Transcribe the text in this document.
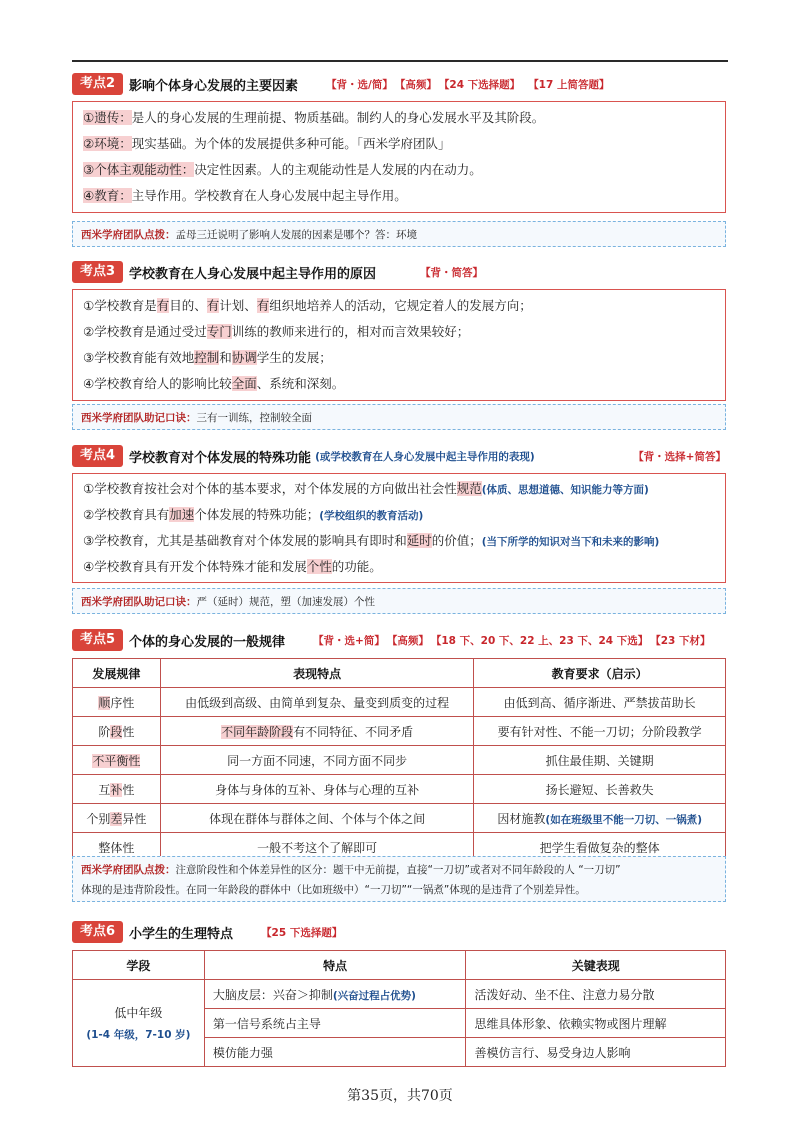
考点2	影响个体身心发展的主要因素	【背・选/简】 【高频】 【24 下选择题】 【17 上简答题】
①遗传：是人的身心发展的生理前提、物质基础。制约人的身心发展水平及其阶段。
②环境：现实基础。为个体的发展提供多种可能。「西米学府团队」
③个体主观能动性：决定性因素。人的主观能动性是人发展的内在动力。
④教育：主导作用。学校教育在人身心发展中起主导作用。
西米学府团队点拨：孟母三迁说明了影响人发展的因素是哪个？答：环境
考点3	学校教育在人身心发展中起主导作用的原因	【背・简答】
①学校教育是有目的、有计划、有组织地培养人的活动，它规定着人的发展方向；
②学校教育是通过受过专门训练的教师来进行的，相对而言效果较好；
③学校教育能有效地控制和协调学生的发展；
④学校教育给人的影响比较全面、系统和深刻。
西米学府团队助记口诀：三有一训练，控制较全面
考点4	学校教育对个体发展的特殊功能 (或学校教育在人身心发展中起主导作用的表现)	【背・选择+简答】
①学校教育按社会对个体的基本要求，对个体发展的方向做出社会性规范(体质、思想道德、知识能力等方面)
②学校教育具有加速个体发展的特殊功能；(学校组织的教育活动)
③学校教育，尤其是基础教育对个体发展的影响具有即时和延时的价值；(当下所学的知识对当下和未来的影响)
④学校教育具有开发个体特殊才能和发展个性的功能。
西米学府团队助记口诀：严（延时）规范，塑（加速发展）个性
考点5	个体的身心发展的一般规律	【背・选+简】 【高频】 【18 下、20 下、22 上、23 下、24 下选】 【23 下材】
发展规律	表现特点	教育要求（启示）
顺序性	由低级到高级、由简单到复杂、量变到质变的过程	由低到高、循序渐进、严禁拔苗助长
阶段性	不同年龄阶段有不同特征、不同矛盾	要有针对性、不能一刀切；分阶段教学
不平衡性	同一方面不同速，不同方面不同步	抓住最佳期、关键期
互补性	身体与身体的互补、身体与心理的互补	扬长避短、长善救失
个别差异性	体现在群体与群体之间、个体与个体之间	因材施教(如在班级里不能一刀切、一锅煮)
整体性	一般不考这个了解即可	把学生看做复杂的整体
西米学府团队点拨：注意阶段性和个体差异性的区分：题干中无前提，直接“一刀切”或者对不同年龄段的人 “一刀切”
体现的是违背阶段性。在同一年龄段的群体中（比如班级中）“一刀切”“一锅煮”体现的是违背了个别差异性。
考点6	小学生的生理特点	【25 下选择题】
学段	特点	关键表现

低中年级
(1-4 年级，7-10 岁)	大脑皮层：兴奋＞抑制(兴奋过程占优势)	活泼好动、坐不住、注意力易分散
	第一信号系统占主导	思维具体形象、依赖实物或图片理解
	模仿能力强	善模仿言行、易受身边人影响
第35页，共70页
